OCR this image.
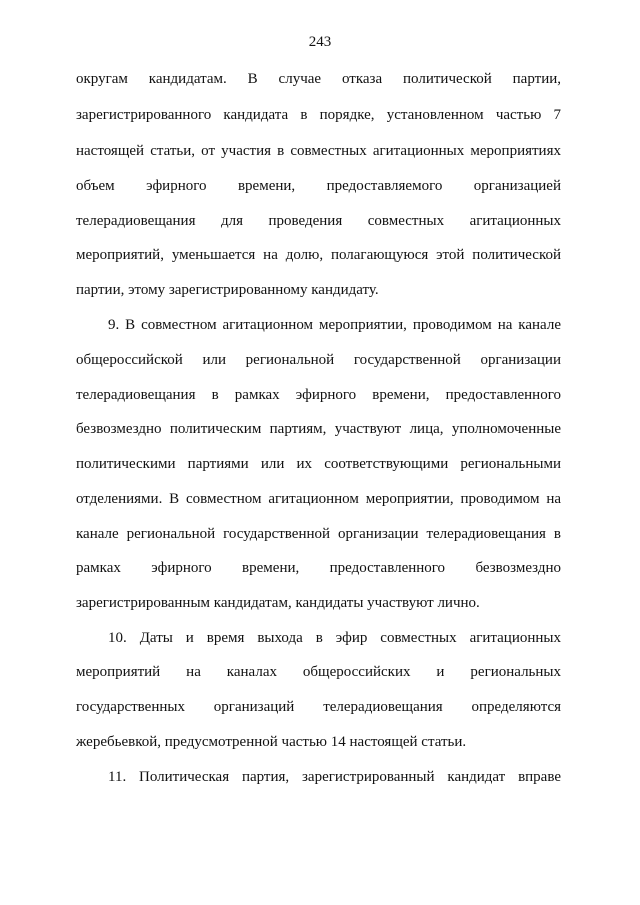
243
округам кандидатам. В случае отказа политической партии,
зарегистрированного кандидата в порядке, установленном частью 7
настоящей статьи, от участия в совместных агитационных мероприятиях
объем эфирного времени, предоставляемого организацией
телерадиовещания для проведения совместных агитационных
мероприятий, уменьшается на долю, полагающуюся этой политической
партии, этому зарегистрированному кандидату.
9. В совместном агитационном мероприятии, проводимом на канале
общероссийской или региональной государственной организации
телерадиовещания в рамках эфирного времени, предоставленного
безвозмездно политическим партиям, участвуют лица, уполномоченные
политическими партиями или их соответствующими региональными
отделениями. В совместном агитационном мероприятии, проводимом на
канале региональной государственной организации телерадиовещания в
рамках эфирного времени, предоставленного безвозмездно
зарегистрированным кандидатам, кандидаты участвуют лично.
10. Даты и время выхода в эфир совместных агитационных
мероприятий на каналах общероссийских и региональных
государственных организаций телерадиовещания определяются
жеребьевкой, предусмотренной частью 14 настоящей статьи.
11. Политическая партия, зарегистрированный кандидат вправе
